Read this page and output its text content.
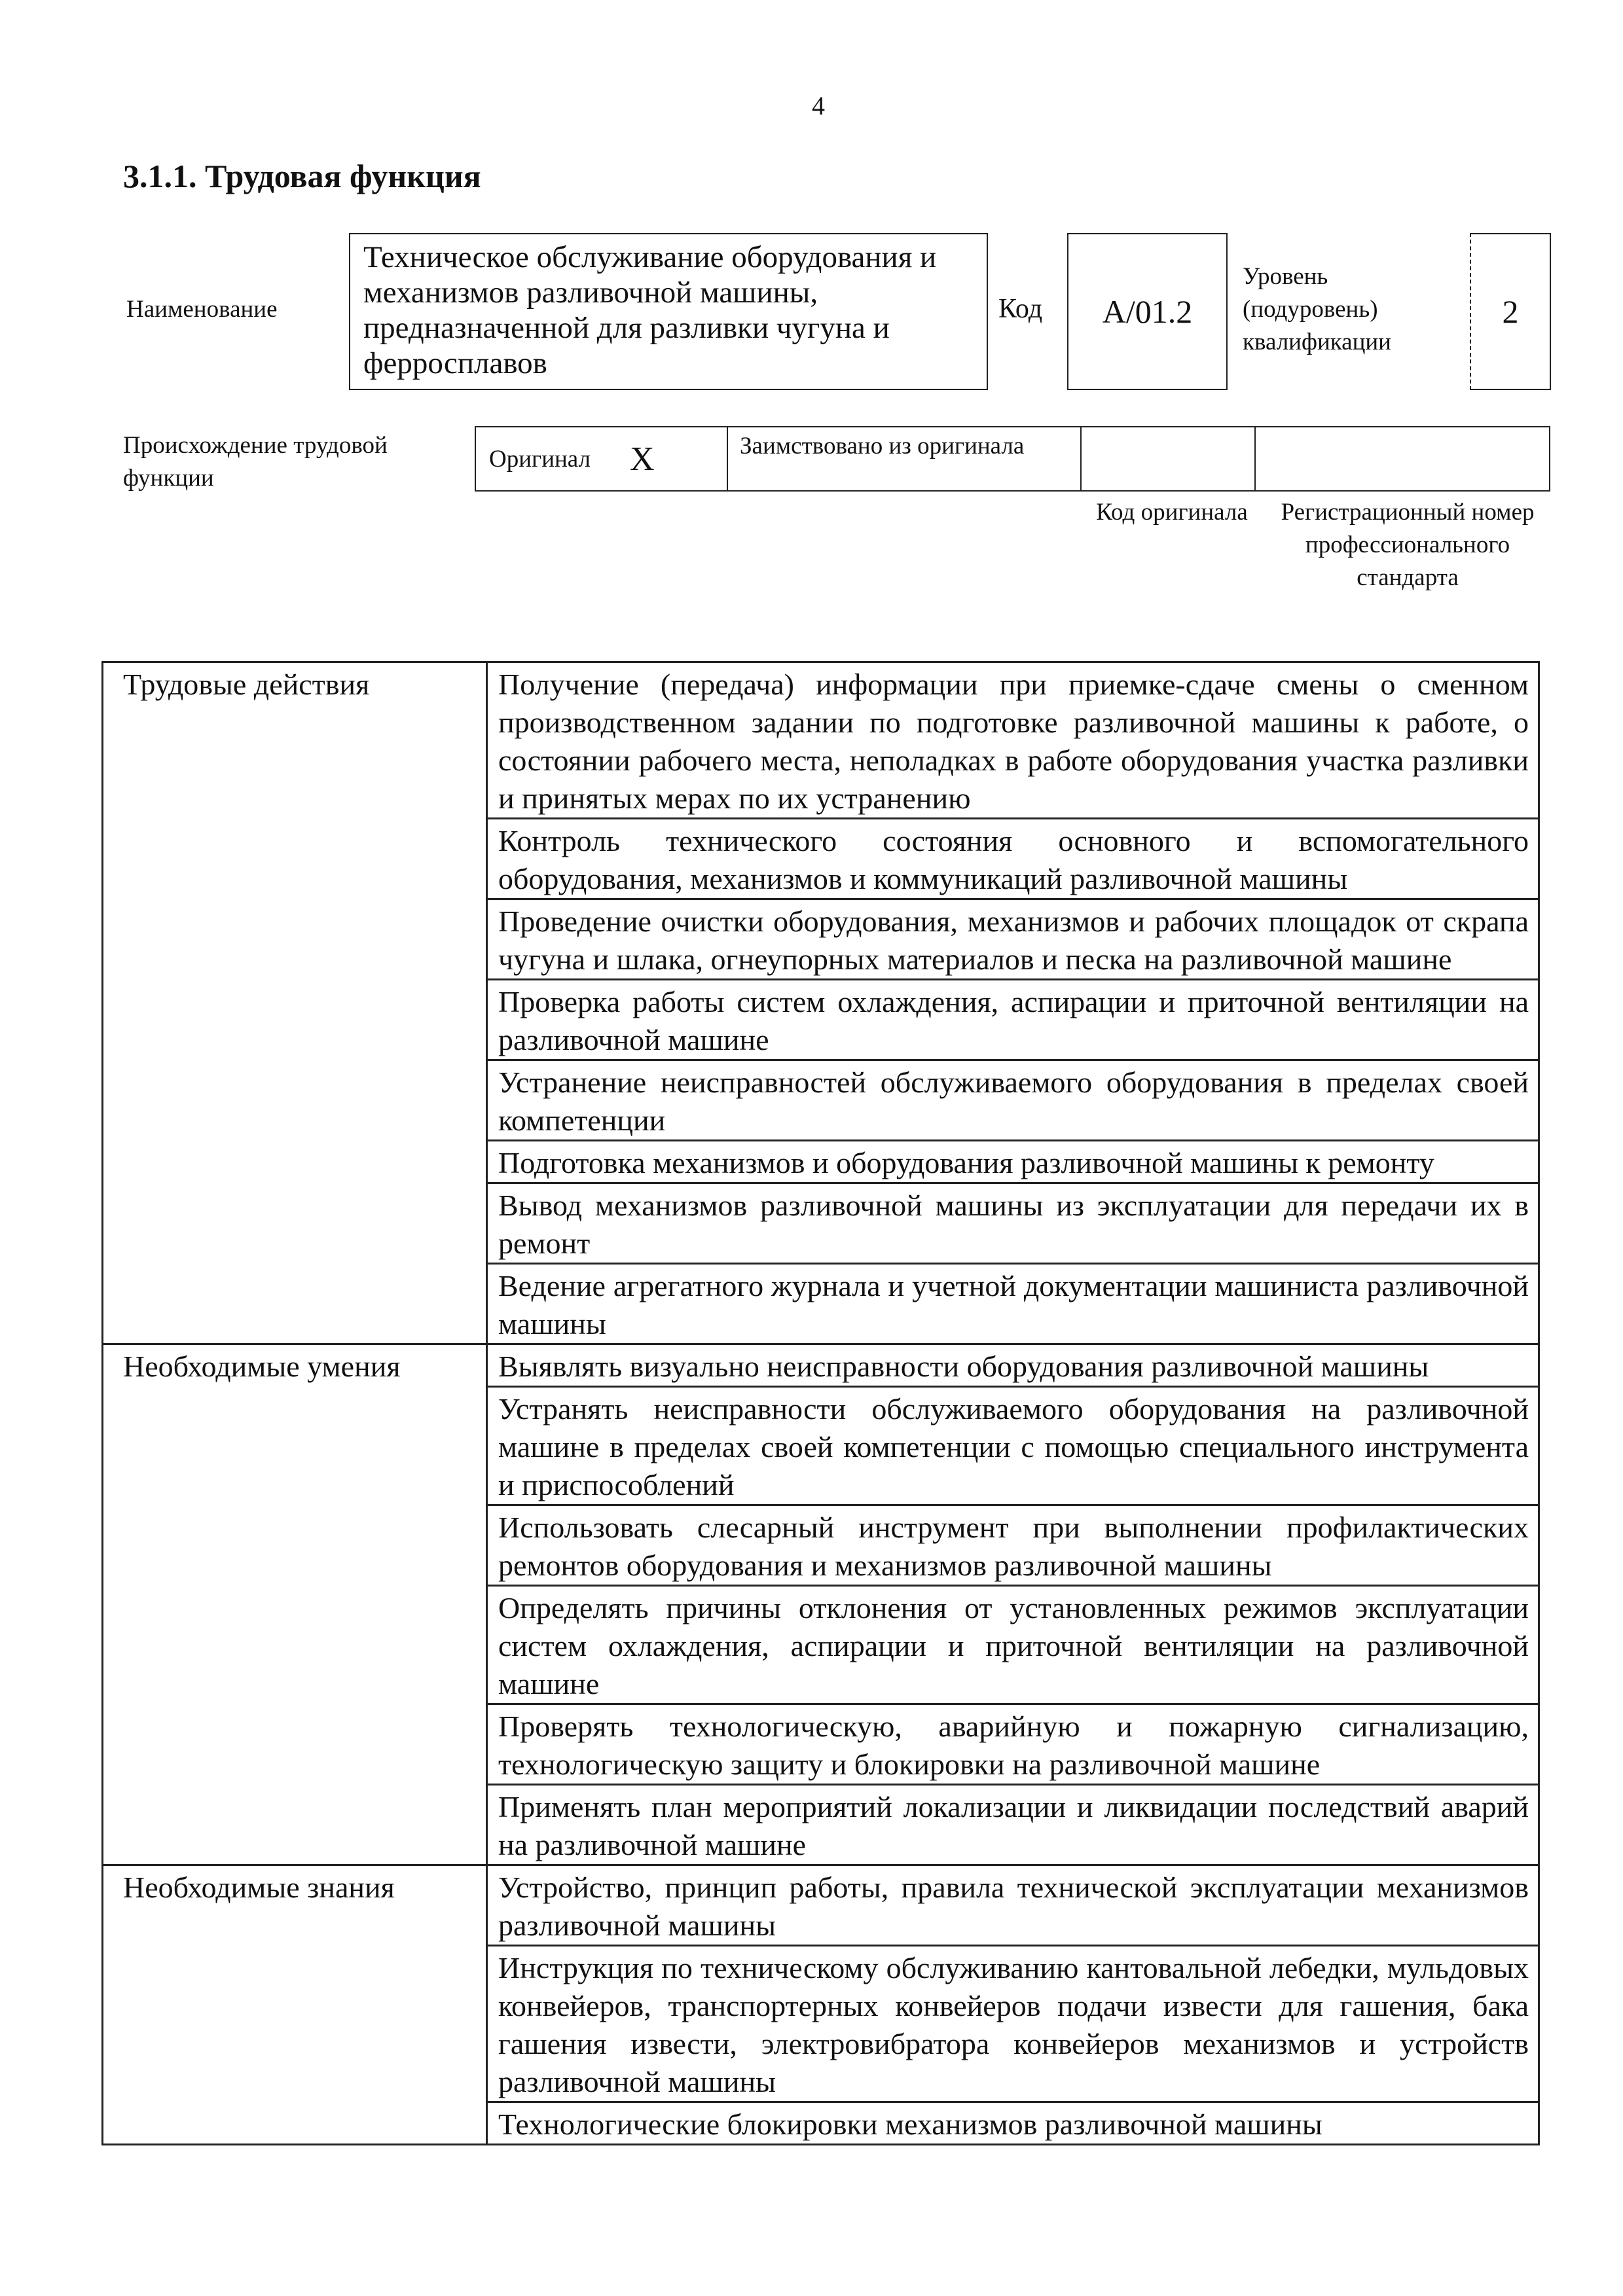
4
3.1.1. Трудовая функция
Наименование
Техническое обслуживание оборудования и механизмов разливочной машины, предназначенной для разливки чугуна и ферросплавов
Код	А/01.2
Уровень (подуровень) квалификации
2
Происхождение трудовой функции
Оригинал X	Заимствовано из оригинала
Код оригинала	Регистрационный номер профессионального стандарта
Трудовые действия	Получение (передача) информации при приемке-сдаче смены о сменном производственном задании по подготовке разливочной машины к работе, о состоянии рабочего места, неполадках в работе оборудования участка разливки и принятых мерах по их устранению
	Контроль технического состояния основного и вспомогательного оборудования, механизмов и коммуникаций разливочной машины
	Проведение очистки оборудования, механизмов и рабочих площадок от скрапа чугуна и шлака, огнеупорных материалов и песка на разливочной машине
	Проверка работы систем охлаждения, аспирации и приточной вентиляции на разливочной машине
	Устранение неисправностей обслуживаемого оборудования в пределах своей компетенции
	Подготовка механизмов и оборудования разливочной машины к ремонту
	Вывод механизмов разливочной машины из эксплуатации для передачи их в ремонт
	Ведение агрегатного журнала и учетной документации машиниста разливочной машины
Необходимые умения	Выявлять визуально неисправности оборудования разливочной машины
	Устранять неисправности обслуживаемого оборудования на разливочной машине в пределах своей компетенции с помощью специального инструмента и приспособлений
	Использовать слесарный инструмент при выполнении профилактических ремонтов оборудования и механизмов разливочной машины
	Определять причины отклонения от установленных режимов эксплуатации систем охлаждения, аспирации и приточной вентиляции на разливочной машине
	Проверять технологическую, аварийную и пожарную сигнализацию, технологическую защиту и блокировки на разливочной машине
	Применять план мероприятий локализации и ликвидации последствий аварий на разливочной машине
Необходимые знания	Устройство, принцип работы, правила технической эксплуатации механизмов разливочной машины
	Инструкция по техническому обслуживанию кантовальной лебедки, мульдовых конвейеров, транспортерных конвейеров подачи извести для гашения, бака гашения извести, электровибратора конвейеров механизмов и устройств разливочной машины
	Технологические блокировки механизмов разливочной машины
